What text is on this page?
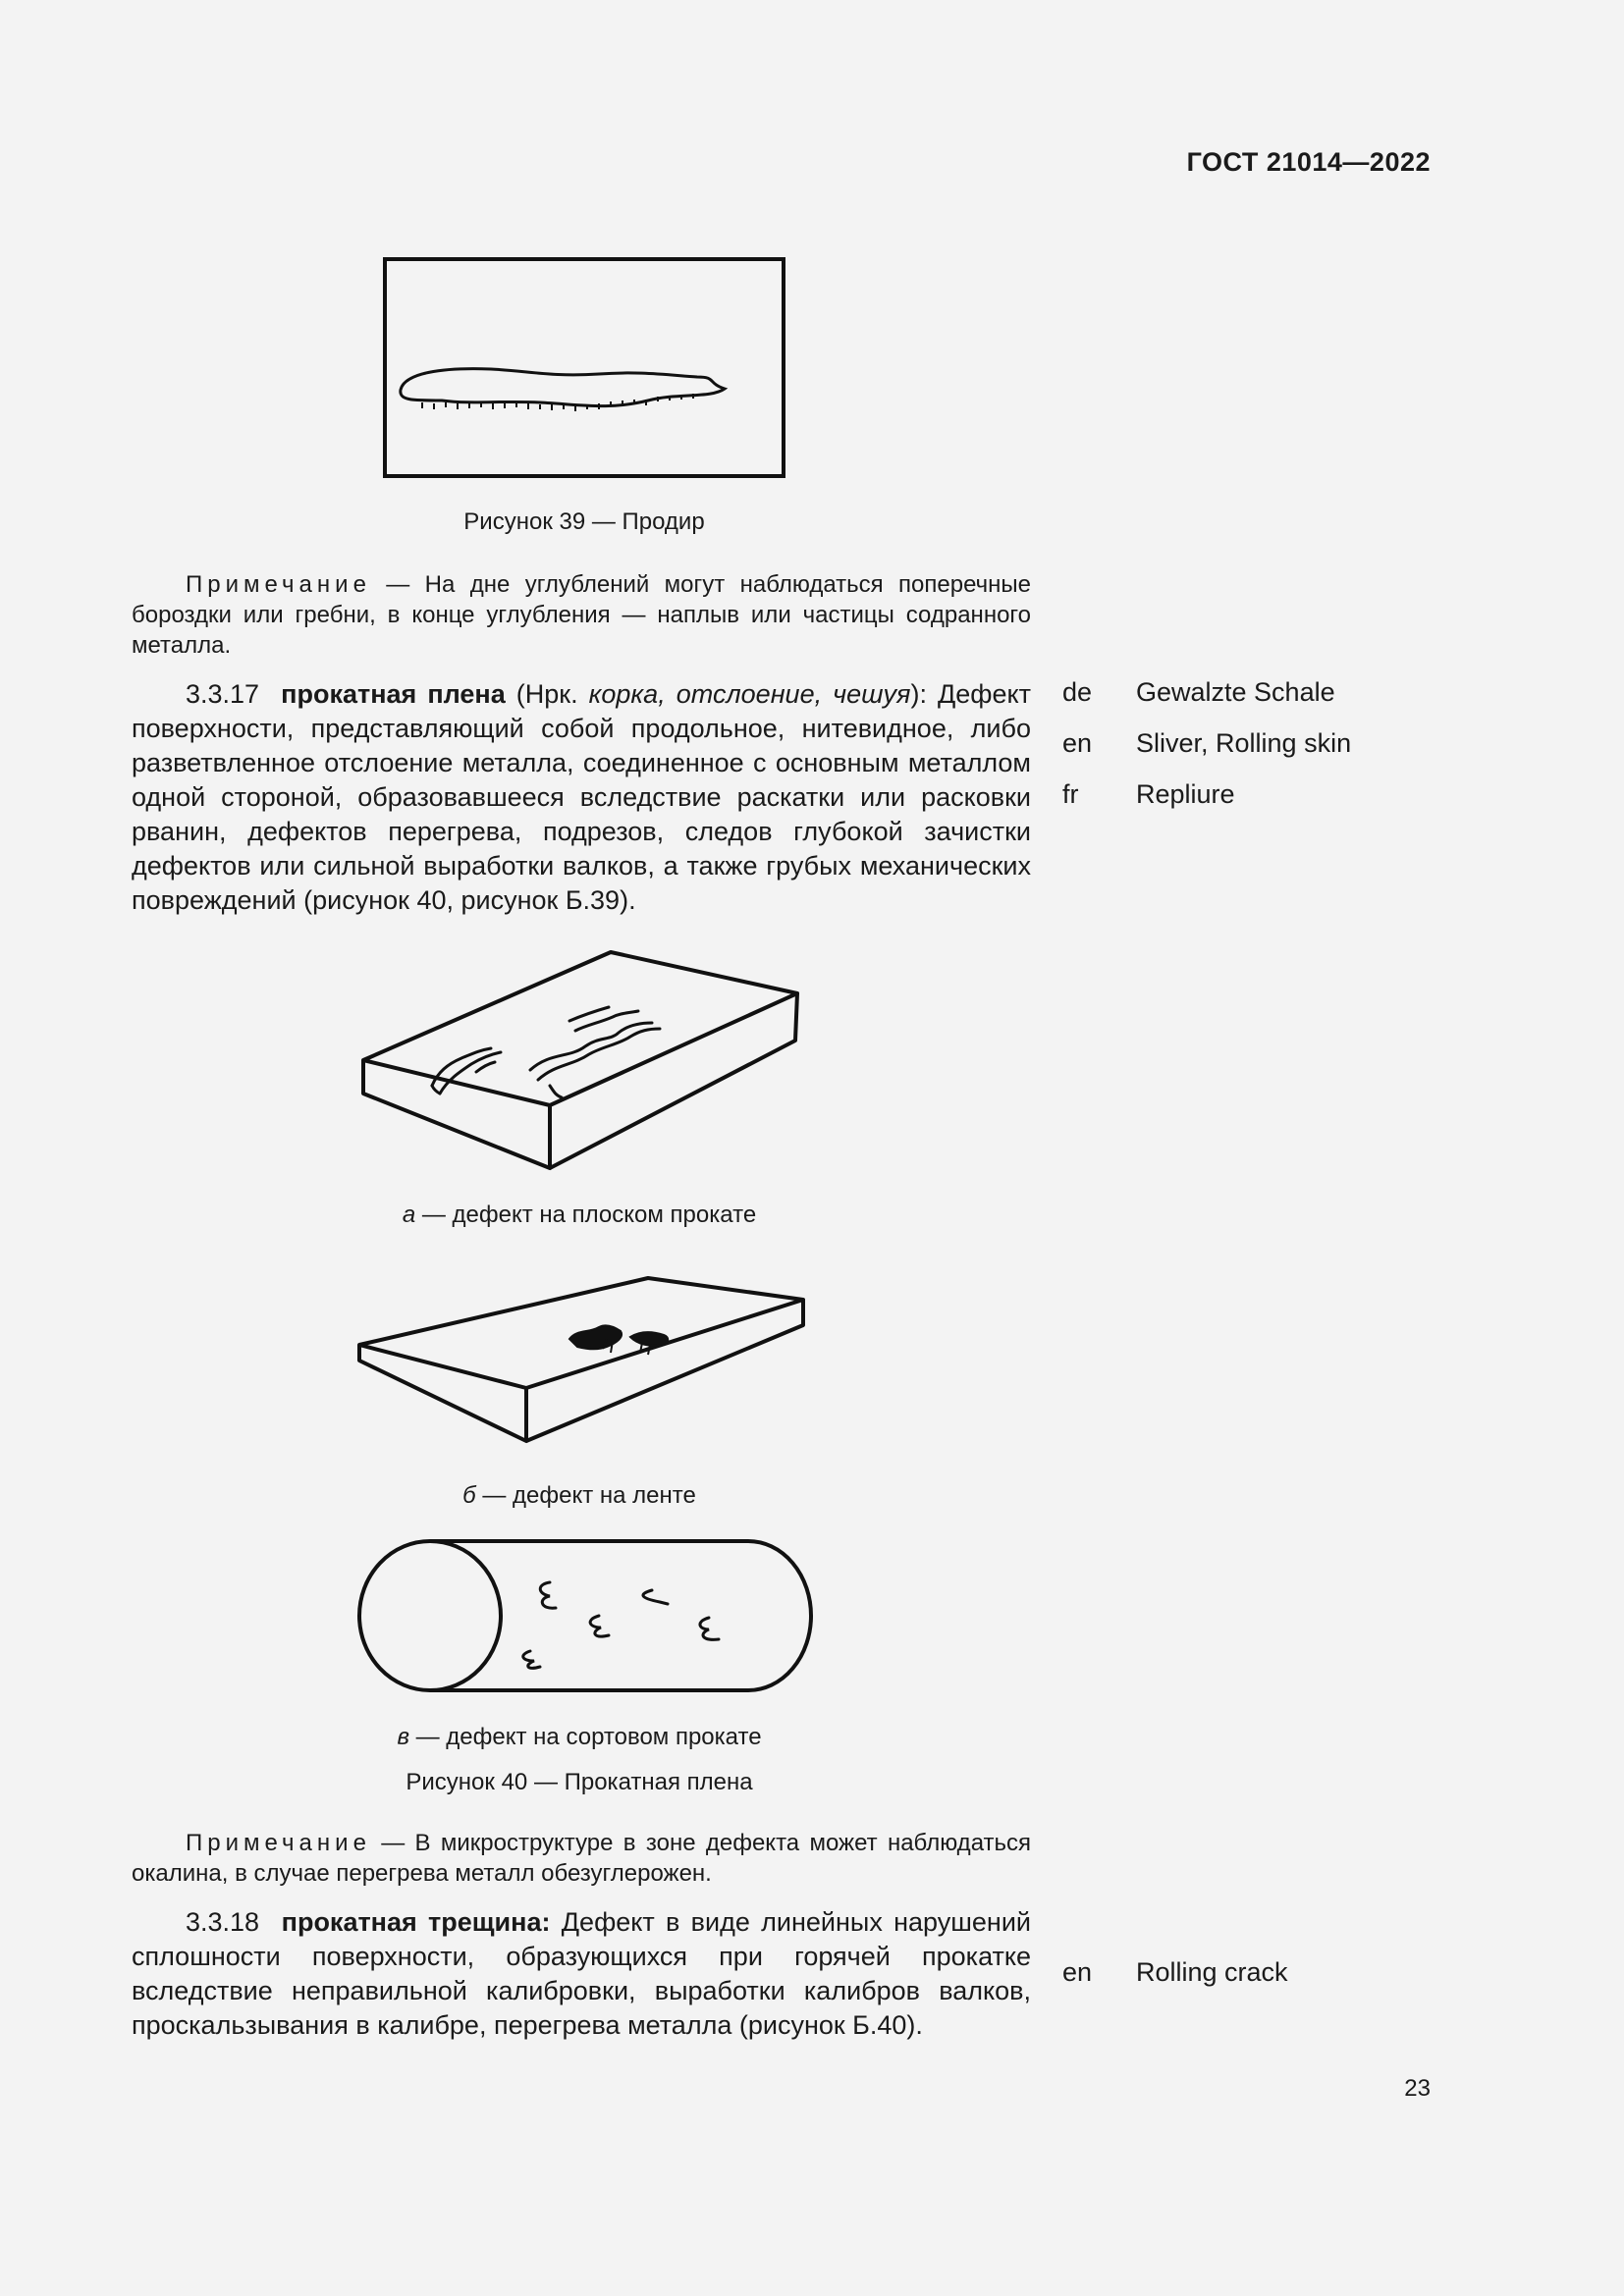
ГОСТ 21014—2022
Рисунок 39 — Продир
Примечание — На дне углублений могут наблюдаться поперечные бороздки или гребни, в конце углубления — наплыв или частицы содранного металла.
3.3.17 прокатная плена (Нрк. корка, отслоение, чешуя): Дефект поверхности, представляющий собой продольное, нитевидное, либо разветвленное отслоение металла, соединенное с основным металлом одной стороной, образовавшееся вследствие раскатки или расковки рванин, дефектов перегрева, подрезов, следов глубокой зачистки дефектов или сильной выработки валков, а также грубых механических повреждений (рисунок 40, рисунок Б.39).
de Gewalzte Schale
en Sliver, Rolling skin
fr Repliure
а — дефект на плоском прокате
б — дефект на ленте
в — дефект на сортовом прокате
Рисунок 40 — Прокатная плена
Примечание — В микроструктуре в зоне дефекта может наблюдаться окалина, в случае перегрева металл обезуглерожен.
3.3.18 прокатная трещина: Дефект в виде линейных нарушений сплошности поверхности, образующихся при горячей прокатке вследствие неправильной калибровки, выработки калибров валков, проскальзывания в калибре, перегрева металла (рисунок Б.40).
en Rolling crack
23
